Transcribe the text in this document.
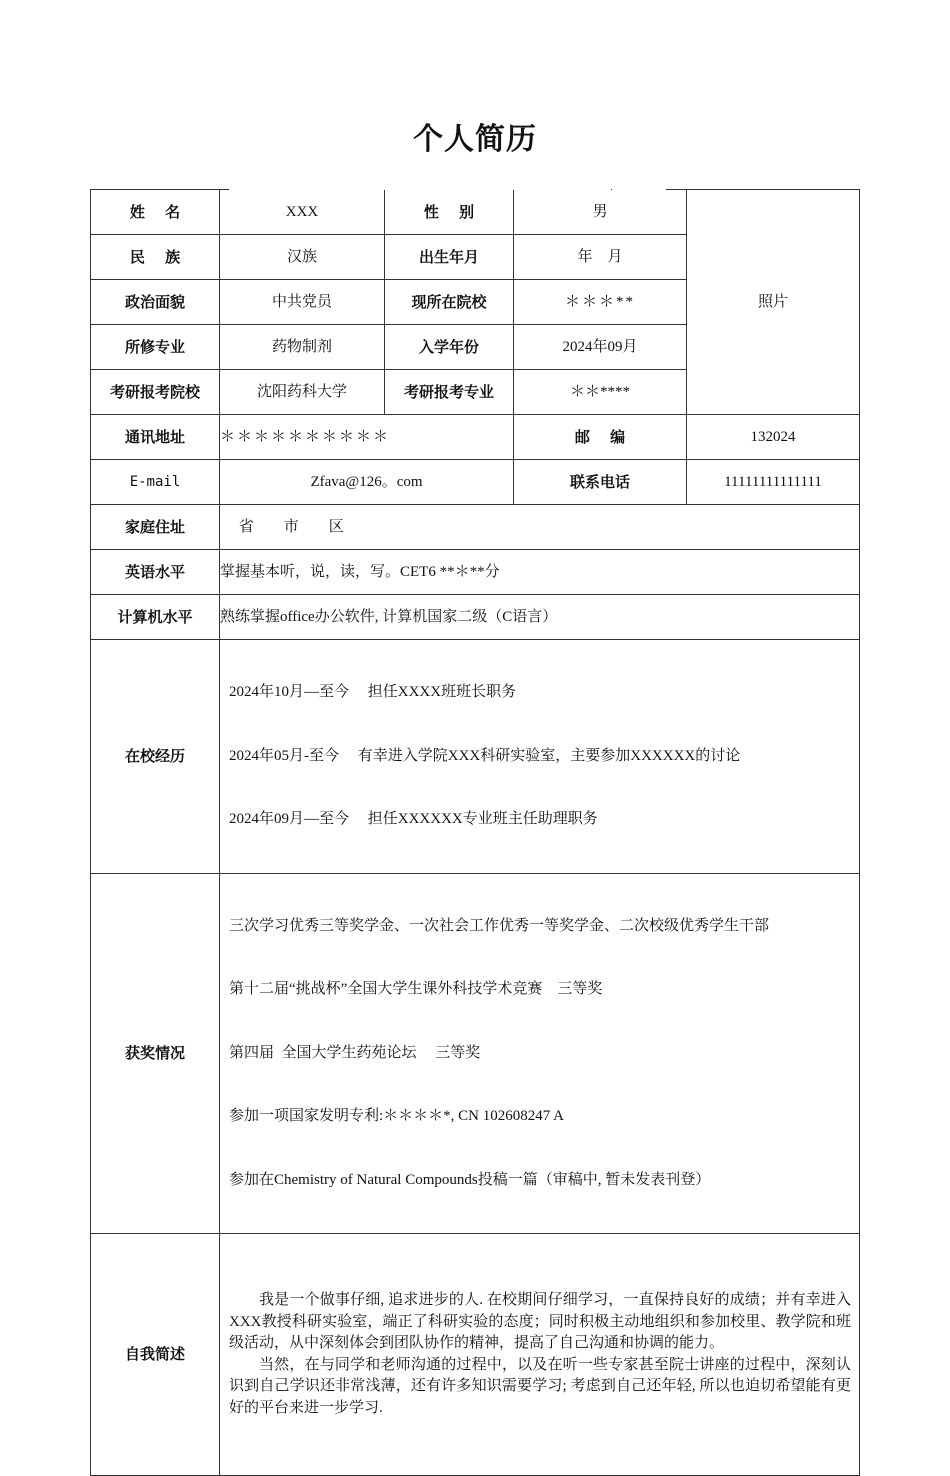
个人简历
姓　 名	XXX	性　 别	男	照片
民　 族	汉族	出生年月	年　月	
政治面貌	中共党员	现所在院校	＊＊＊**	
所修专业	药物制剂	入学年份	2024年09月	
考研报考院校	沈阳药科大学	考研报考专业	＊＊****	
通讯地址	＊＊＊＊＊＊＊＊＊＊		邮　 编	132024
E-mail	Zfava@126。com		联系电话	11111111111111
家庭住址	　 省　　市　　区			
英语水平	掌握基本听，说，读，写。CET6 **＊**分			
计算机水平	熟练掌握office办公软件, 计算机国家二级（C语言）			
在校经历	2024年10月—至今　 担任XXXX班班长职务

2024年05月-至今　 有幸进入学院XXX科研实验室，主要参加XXXXXX的讨论

2024年09月—至今　 担任XXXXXX专业班主任助理职务			

获奖情况	三次学习优秀三等奖学金、一次社会工作优秀一等奖学金、二次校级优秀学生干部

第十二届“挑战杯”全国大学生课外科技学术竞赛　三等奖

第四届  全国大学生药苑论坛　 三等奖

参加一项国家发明专利:＊＊＊＊*, CN 102608247 A

参加在Chemistry of Natural Compounds投稿一篇（审稿中, 暂未发表刊登）			

自我简述	我是一个做事仔细, 追求进步的人. 在校期间仔细学习，一直保持良好的成绩；并有幸进入XXX教授科研实验室，端正了科研实验的态度；同时积极主动地组织和参加校里、教学院和班级活动，从中深刻体会到团队协作的精神，提高了自己沟通和协调的能力。

当然，在与同学和老师沟通的过程中，以及在听一些专家甚至院士讲座的过程中，深刻认识到自己学识还非常浅薄，还有许多知识需要学习; 考虑到自己还年轻, 所以也迫切希望能有更好的平台来进一步学习.			
